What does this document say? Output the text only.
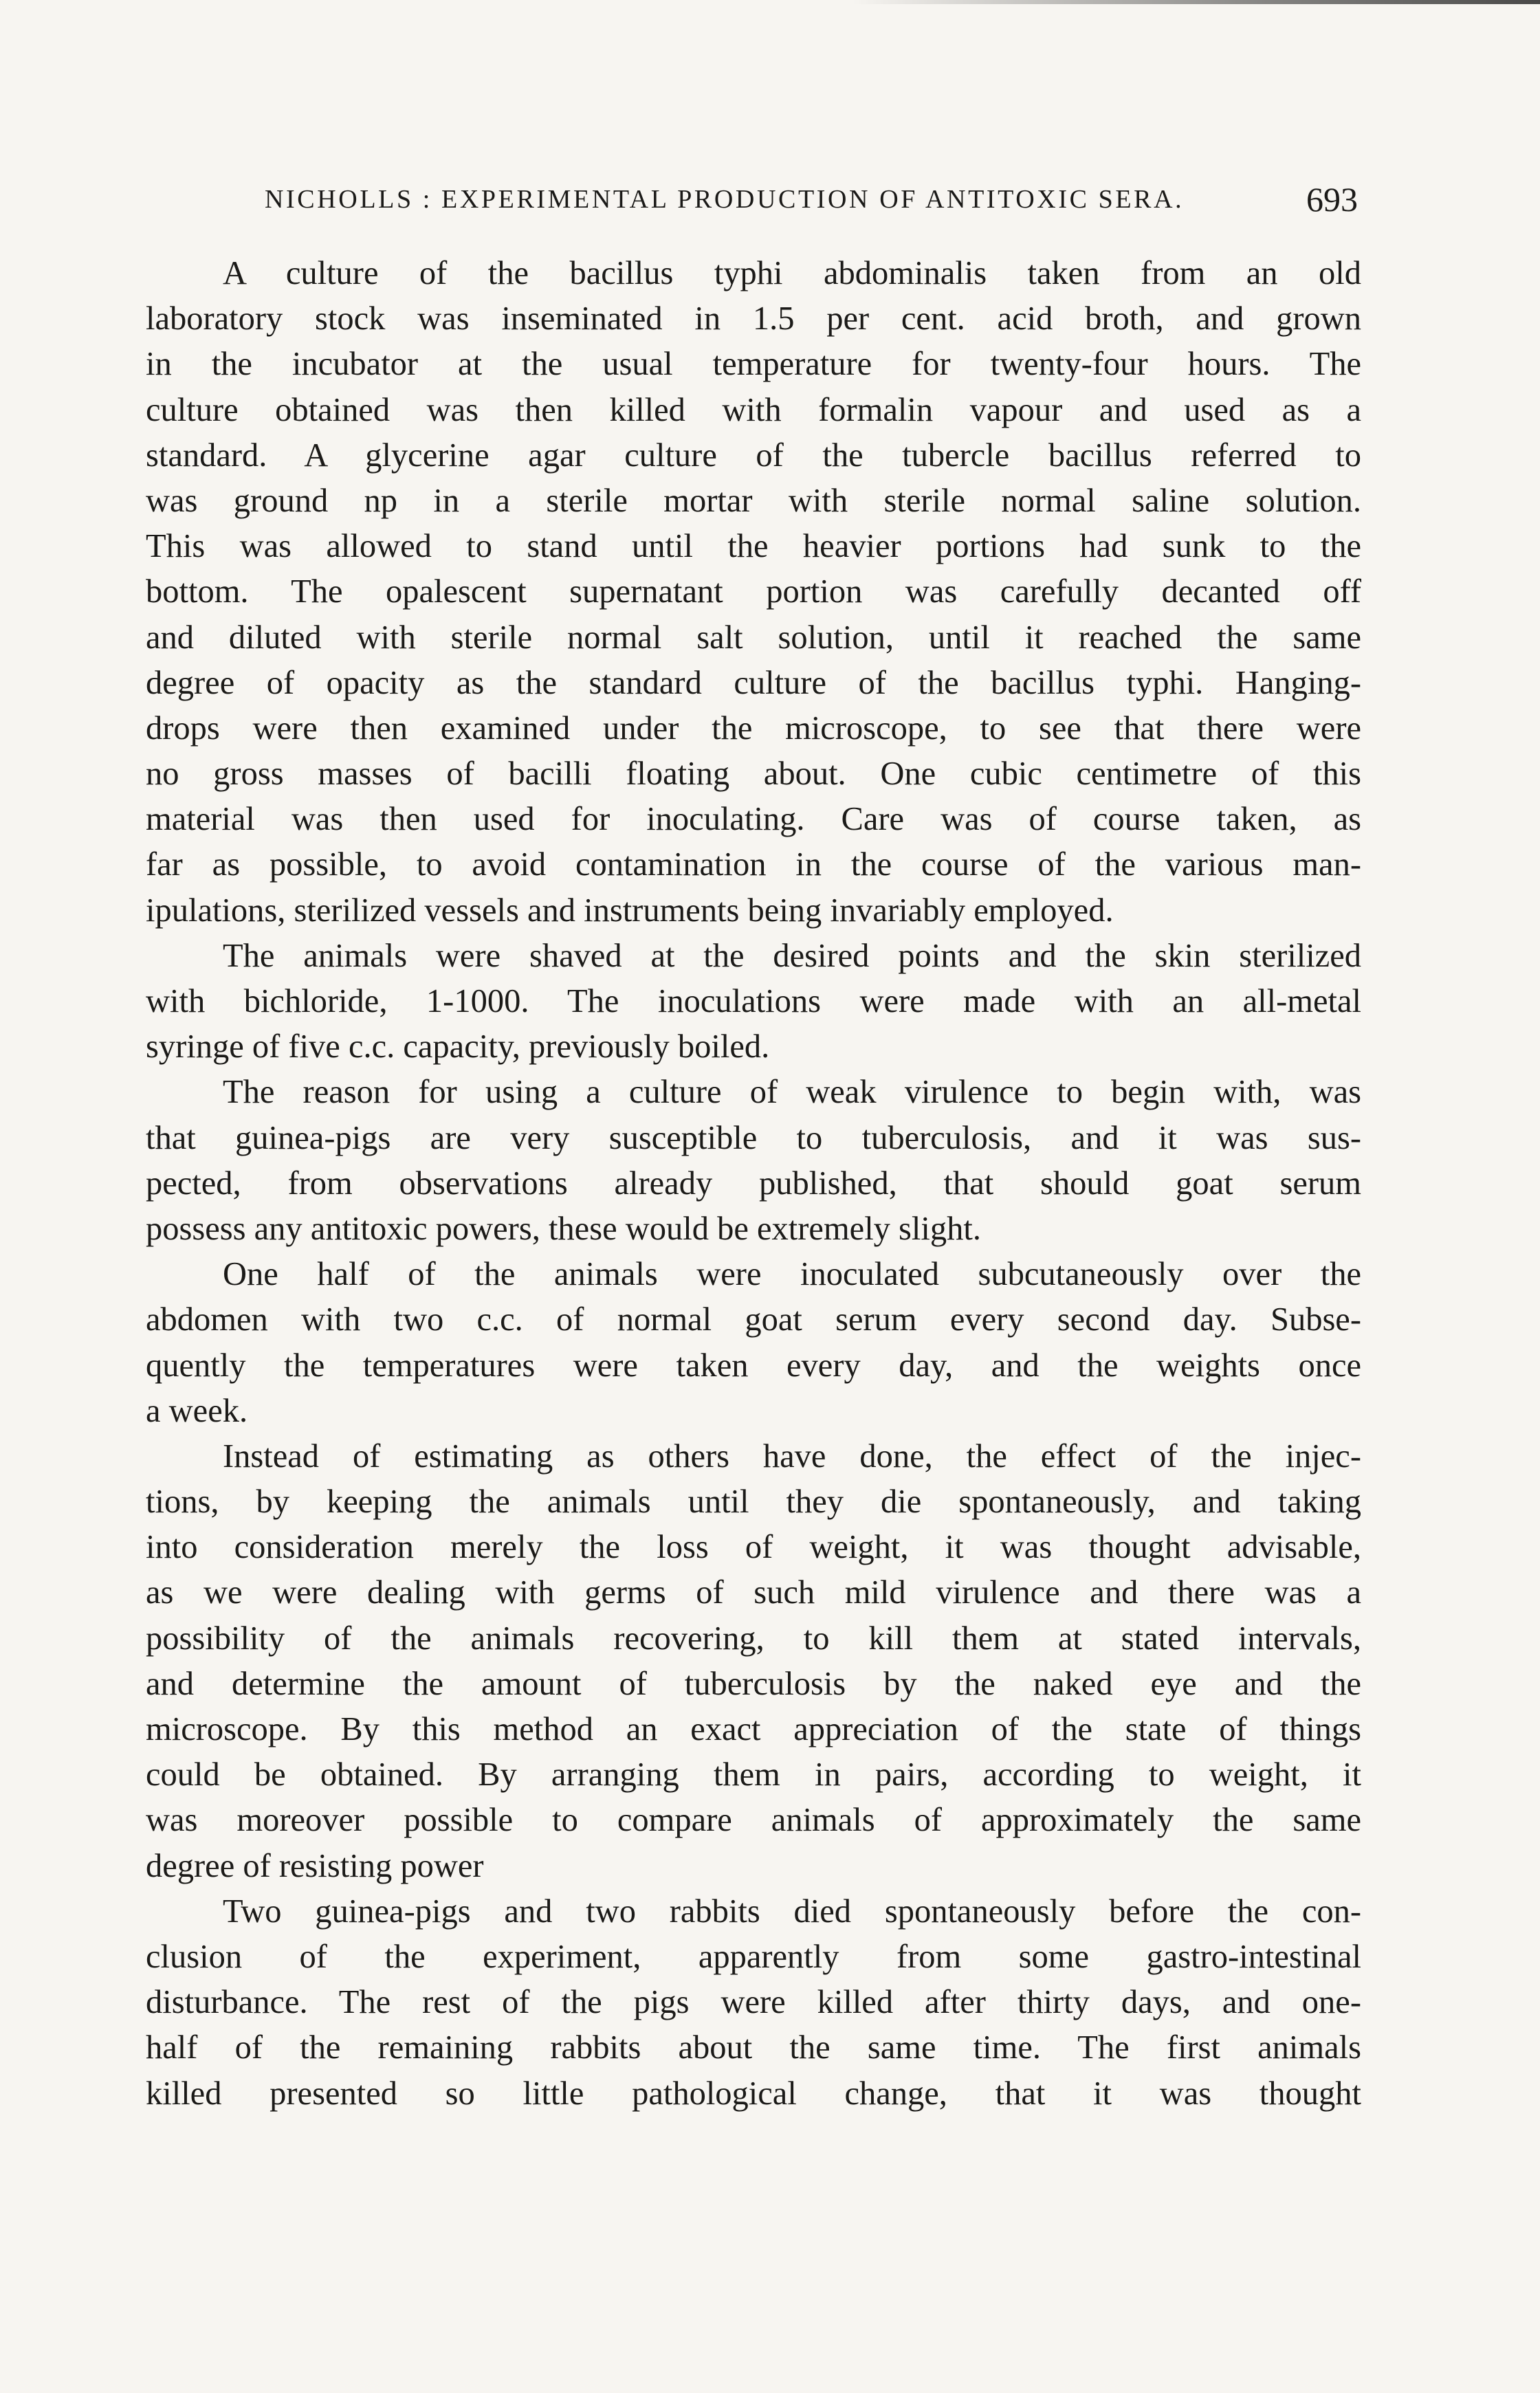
NICHOLLS : EXPERIMENTAL PRODUCTION OF ANTITOXIC SERA.	693
A culture of the bacillus typhi abdominalis taken from an old
laboratory stock was inseminated in 1.5 per cent. acid broth, and grown
in the incubator at the usual temperature for twenty-four hours. The
culture obtained was then killed with formalin vapour and used as a
standard. A glycerine agar culture of the tubercle bacillus referred to
was ground np in a sterile mortar with sterile normal saline solution.
This was allowed to stand until the heavier portions had sunk to the
bottom. The opalescent supernatant portion was carefully decanted off
and diluted with sterile normal salt solution, until it reached the same
degree of opacity as the standard culture of the bacillus typhi. Hanging-
drops were then examined under the microscope, to see that there were
no gross masses of bacilli floating about. One cubic centimetre of this
material was then used for inoculating. Care was of course taken, as
far as possible, to avoid contamination in the course of the various man-
ipulations, sterilized vessels and instruments being invariably employed.
The animals were shaved at the desired points and the skin sterilized
with bichloride, 1-1000. The inoculations were made with an all-metal
syringe of five c.c. capacity, previously boiled.
The reason for using a culture of weak virulence to begin with, was
that guinea-pigs are very susceptible to tuberculosis, and it was sus-
pected, from observations already published, that should goat serum
possess any antitoxic powers, these would be extremely slight.
One half of the animals were inoculated subcutaneously over the
abdomen with two c.c. of normal goat serum every second day. Subse-
quently the temperatures were taken every day, and the weights once
a week.
Instead of estimating as others have done, the effect of the injec-
tions, by keeping the animals until they die spontaneously, and taking
into consideration merely the loss of weight, it was thought advisable,
as we were dealing with germs of such mild virulence and there was a
possibility of the animals recovering, to kill them at stated intervals,
and determine the amount of tuberculosis by the naked eye and the
microscope. By this method an exact appreciation of the state of things
could be obtained. By arranging them in pairs, according to weight, it
was moreover possible to compare animals of approximately the same
degree of resisting power
Two guinea-pigs and two rabbits died spontaneously before the con-
clusion of the experiment, apparently from some gastro-intestinal
disturbance. The rest of the pigs were killed after thirty days, and one-
half of the remaining rabbits about the same time. The first animals
killed presented so little pathological change, that it was thought
